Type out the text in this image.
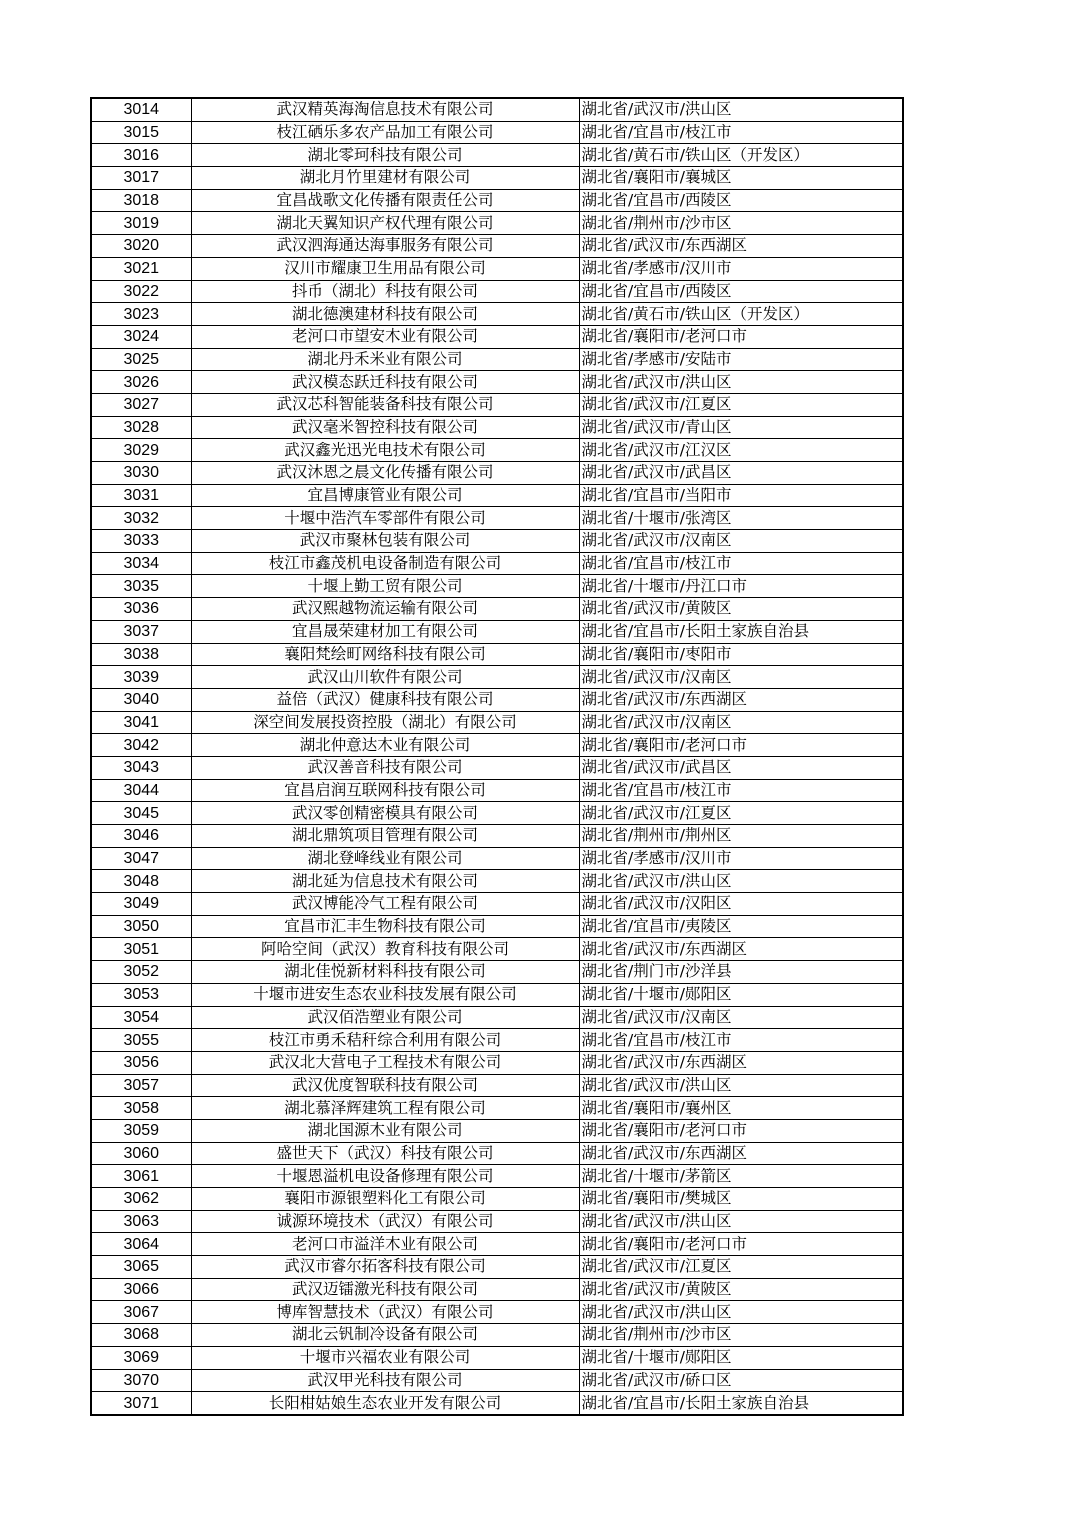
3014	武汉精英海淘信息技术有限公司	湖北省/武汉市/洪山区
3015	枝江硒乐多农产品加工有限公司	湖北省/宜昌市/枝江市
3016	湖北零珂科技有限公司	湖北省/黄石市/铁山区（开发区）
3017	湖北月竹里建材有限公司	湖北省/襄阳市/襄城区
3018	宜昌战歌文化传播有限责任公司	湖北省/宜昌市/西陵区
3019	湖北天翼知识产权代理有限公司	湖北省/荆州市/沙市区
3020	武汉泗海通达海事服务有限公司	湖北省/武汉市/东西湖区
3021	汉川市耀康卫生用品有限公司	湖北省/孝感市/汉川市
3022	抖币（湖北）科技有限公司	湖北省/宜昌市/西陵区
3023	湖北德澳建材科技有限公司	湖北省/黄石市/铁山区（开发区）
3024	老河口市望安木业有限公司	湖北省/襄阳市/老河口市
3025	湖北丹禾米业有限公司	湖北省/孝感市/安陆市
3026	武汉模态跃迁科技有限公司	湖北省/武汉市/洪山区
3027	武汉芯科智能装备科技有限公司	湖北省/武汉市/江夏区
3028	武汉毫米智控科技有限公司	湖北省/武汉市/青山区
3029	武汉鑫光迅光电技术有限公司	湖北省/武汉市/江汉区
3030	武汉沐恩之晨文化传播有限公司	湖北省/武汉市/武昌区
3031	宜昌博康管业有限公司	湖北省/宜昌市/当阳市
3032	十堰中浩汽车零部件有限公司	湖北省/十堰市/张湾区
3033	武汉市聚林包装有限公司	湖北省/武汉市/汉南区
3034	枝江市鑫茂机电设备制造有限公司	湖北省/宜昌市/枝江市
3035	十堰上勤工贸有限公司	湖北省/十堰市/丹江口市
3036	武汉熙越物流运输有限公司	湖北省/武汉市/黄陂区
3037	宜昌晟荣建材加工有限公司	湖北省/宜昌市/长阳土家族自治县
3038	襄阳梵绘町网络科技有限公司	湖北省/襄阳市/枣阳市
3039	武汉山川软件有限公司	湖北省/武汉市/汉南区
3040	益倍（武汉）健康科技有限公司	湖北省/武汉市/东西湖区
3041	深空间发展投资控股（湖北）有限公司	湖北省/武汉市/汉南区
3042	湖北仲意达木业有限公司	湖北省/襄阳市/老河口市
3043	武汉善音科技有限公司	湖北省/武汉市/武昌区
3044	宜昌启润互联网科技有限公司	湖北省/宜昌市/枝江市
3045	武汉零创精密模具有限公司	湖北省/武汉市/江夏区
3046	湖北鼎筑项目管理有限公司	湖北省/荆州市/荆州区
3047	湖北登峰线业有限公司	湖北省/孝感市/汉川市
3048	湖北延为信息技术有限公司	湖北省/武汉市/洪山区
3049	武汉博能冷气工程有限公司	湖北省/武汉市/汉阳区
3050	宜昌市汇丰生物科技有限公司	湖北省/宜昌市/夷陵区
3051	阿哈空间（武汉）教育科技有限公司	湖北省/武汉市/东西湖区
3052	湖北佳悦新材料科技有限公司	湖北省/荆门市/沙洋县
3053	十堰市进安生态农业科技发展有限公司	湖北省/十堰市/郧阳区
3054	武汉佰浩塑业有限公司	湖北省/武汉市/汉南区
3055	枝江市勇禾秸秆综合利用有限公司	湖北省/宜昌市/枝江市
3056	武汉北大营电子工程技术有限公司	湖北省/武汉市/东西湖区
3057	武汉优度智联科技有限公司	湖北省/武汉市/洪山区
3058	湖北慕泽辉建筑工程有限公司	湖北省/襄阳市/襄州区
3059	湖北国源木业有限公司	湖北省/襄阳市/老河口市
3060	盛世天下（武汉）科技有限公司	湖北省/武汉市/东西湖区
3061	十堰恩溢机电设备修理有限公司	湖北省/十堰市/茅箭区
3062	襄阳市源银塑料化工有限公司	湖北省/襄阳市/樊城区
3063	诚源环境技术（武汉）有限公司	湖北省/武汉市/洪山区
3064	老河口市溢洋木业有限公司	湖北省/襄阳市/老河口市
3065	武汉市睿尔拓客科技有限公司	湖北省/武汉市/江夏区
3066	武汉迈镭激光科技有限公司	湖北省/武汉市/黄陂区
3067	博库智慧技术（武汉）有限公司	湖北省/武汉市/洪山区
3068	湖北云钒制冷设备有限公司	湖北省/荆州市/沙市区
3069	十堰市兴福农业有限公司	湖北省/十堰市/郧阳区
3070	武汉甲光科技有限公司	湖北省/武汉市/硚口区
3071	长阳柑姑娘生态农业开发有限公司	湖北省/宜昌市/长阳土家族自治县
